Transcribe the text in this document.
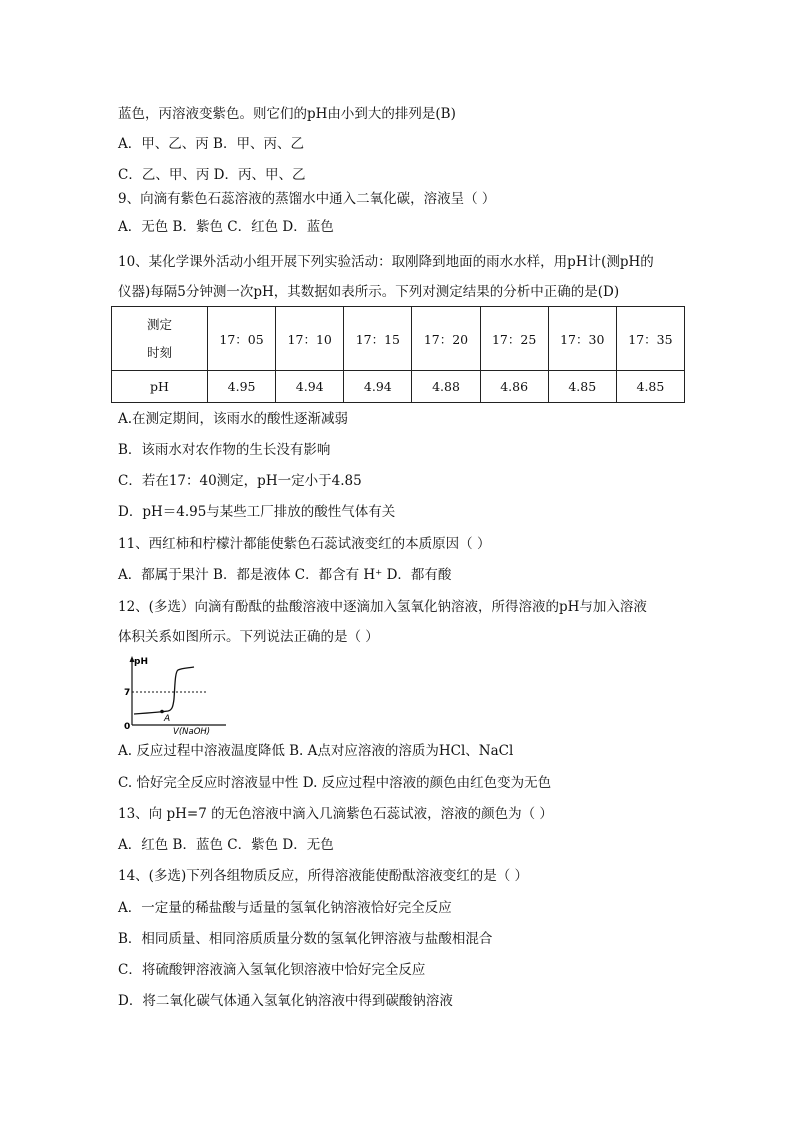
蓝色，丙溶液变紫色。则它们的pH由小到大的排列是(B)
A．甲、乙、丙 B．甲、丙、乙
C．乙、甲、丙 D．丙、甲、乙
9、向滴有紫色石蕊溶液的蒸馏水中通入二氧化碳，溶液呈（ ）
A．无色 B．紫色 C．红色 D．蓝色
10、某化学课外活动小组开展下列实验活动：取刚降到地面的雨水水样，用pH计(测pH的
仪器)每隔5分钟测一次pH，其数据如表所示。下列对测定结果的分析中正确的是(D)
A.在测定期间，该雨水的酸性逐渐减弱
B．该雨水对农作物的生长没有影响
C．若在17：40测定，pH一定小于4.85
D．pH＝4.95与某些工厂排放的酸性气体有关
11、西红柿和柠檬汁都能使紫色石蕊试液变红的本质原因（ ）
A．都属于果汁 B．都是液体 C．都含有 H⁺ D．都有酸
12、(多选）向滴有酚酞的盐酸溶液中逐滴加入氢氧化钠溶液，所得溶液的pH与加入溶液
体积关系如图所示。下列说法正确的是（ ）
A. 反应过程中溶液温度降低 B. A点对应溶液的溶质为HCl、NaCl
C. 恰好完全反应时溶液显中性 D. 反应过程中溶液的颜色由红色变为无色
13、向 pH=7 的无色溶液中滴入几滴紫色石蕊试液，溶液的颜色为（ ）
A．红色 B．蓝色 C．紫色 D．无色
14、(多选)下列各组物质反应，所得溶液能使酚酞溶液变红的是（ ）
A．一定量的稀盐酸与适量的氢氧化钠溶液恰好完全反应
B．相同质量、相同溶质质量分数的氢氧化钾溶液与盐酸相混合
C．将硫酸钾溶液滴入氢氧化钡溶液中恰好完全反应
D．将二氧化碳气体通入氢氧化钠溶液中得到碳酸钠溶液
测定
时刻	17：05	17：10	17：15	17：20	17：25	17：30	17：35
pH	4.95	4.94	4.94	4.88	4.86	4.85	4.85
pH
7
0
A
V(NaOH)
